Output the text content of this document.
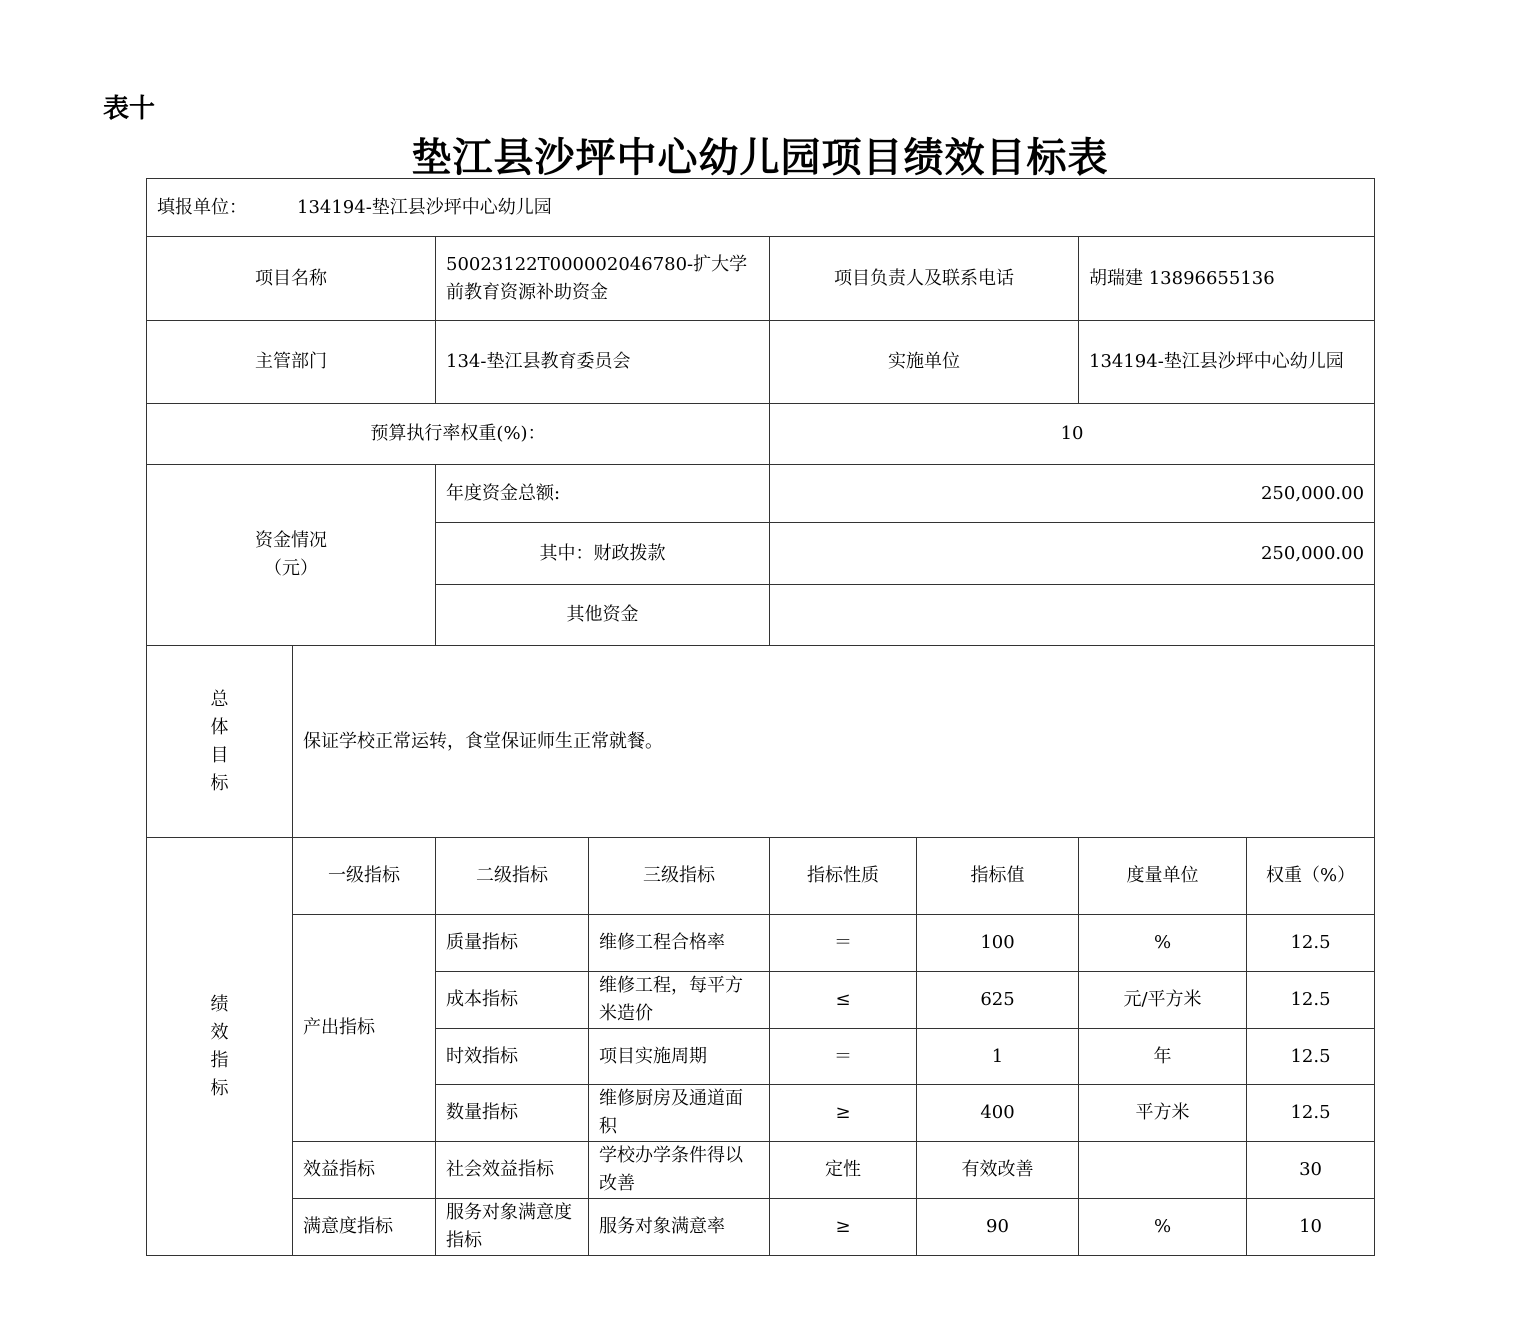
表十
垫江县沙坪中心幼儿园项目绩效目标表
填报单位： 134194-垫江县沙坪中心幼儿园							
项目名称		50023122T000002046780-扩大学前教育资源补助资金		项目负责人及联系电话		胡瑞建 13896655136	
主管部门		134-垫江县教育委员会		实施单位		134194-垫江县沙坪中心幼儿园	
预算执行率权重(%)：				10			

资金情况
（元）		年度资金总额:		250,000.00			
		其中：财政拨款		250,000.00			
		其他资金					

总
体
目
标	保证学校正常运转，食堂保证师生正常就餐。						

绩
效
指
标	一级指标	二级指标	三级指标	指标性质	指标值	度量单位	权重（%）
	产出指标	质量指标	维修工程合格率	＝	100	%	12.5
		成本指标	维修工程，每平方米造价	≤	625	元/平方米	12.5
		时效指标	项目实施周期	＝	1	年	12.5
		数量指标	维修厨房及通道面积	≥	400	平方米	12.5
	效益指标	社会效益指标	学校办学条件得以改善	定性	有效改善		30
	满意度指标	服务对象满意度指标	服务对象满意率	≥	90	%	10
